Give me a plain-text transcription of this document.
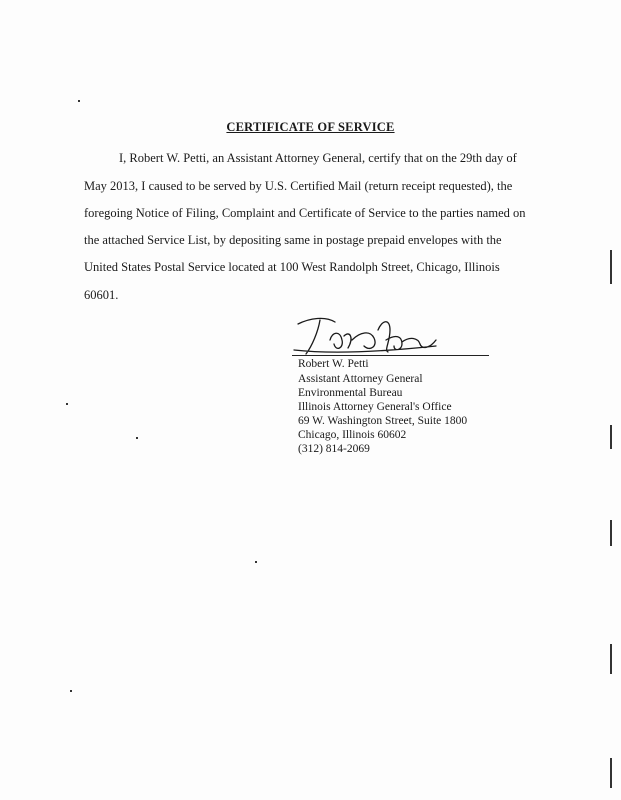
CERTIFICATE OF SERVICE
I, Robert W. Petti, an Assistant Attorney General, certify that on the 29th day of
May 2013, I caused to be served by U.S. Certified Mail (return receipt requested), the
foregoing Notice of Filing, Complaint and Certificate of Service to the parties named on
the attached Service List, by depositing same in postage prepaid envelopes with the
United States Postal Service located at 100 West Randolph Street, Chicago, Illinois
60601.
Robert W. Petti
Assistant Attorney General
Environmental Bureau
Illinois Attorney General's Office
69 W. Washington Street, Suite 1800
Chicago, Illinois 60602
(312) 814-2069
